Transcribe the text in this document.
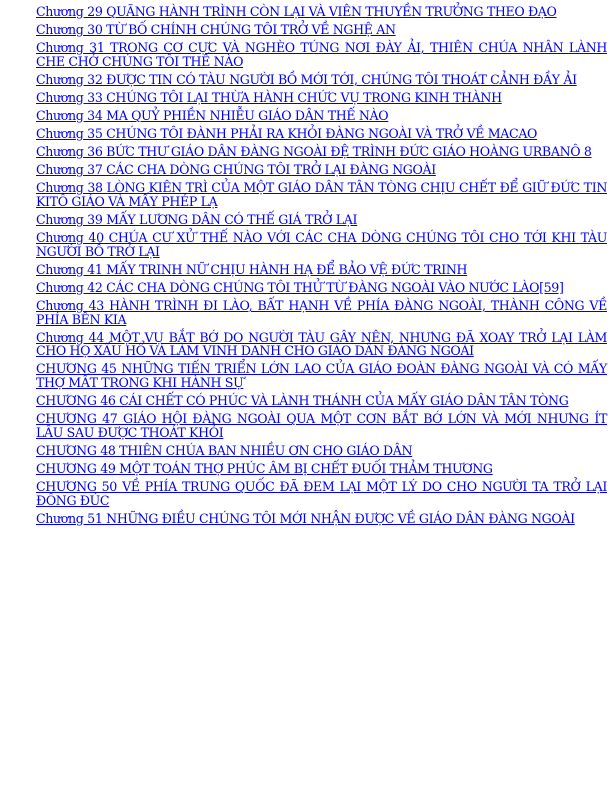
Chương 29 QUÃNG HÀNH TRÌNH CÒN LẠI VÀ VIÊN THUYỀN TRƯỞNG THEO ĐẠO
Chương 30 TỪ BỐ CHÍNH CHÚNG TÔI TRỞ VỀ NGHỆ AN
Chương 31 TRONG CƠ CỰC VÀ NGHÈO TÚNG NƠI ĐÀY ẢI, THIÊN CHÚA NHÂN LÀNH CHE CHỞ CHÚNG TÔI THẾ NÀO
Chương 32 ĐƯỢC TIN CÓ TÀU NGƯỜI BỒ MỚI TỚI, CHÚNG TÔI THOÁT CẢNH ĐẦY ẢI
Chương 33 CHÚNG TÔI LẠI THỪA HÀNH CHỨC VỤ TRONG KINH THÀNH
Chương 34 MA QUỶ PHIỀN NHIỄU GIÁO DÂN THẾ NÀO
Chương 35 CHÚNG TÔI ĐÀNH PHẢI RA KHỎI ĐÀNG NGOÀI VÀ TRỞ VỀ MACAO
Chương 36 BỨC THƯ GIÁO DÂN ĐÀNG NGOÀI ĐỆ TRÌNH ĐỨC GIÁO HOÀNG URBANÔ 8
Chương 37 CÁC CHA DÒNG CHÚNG TÔI TRỞ LẠI ĐÀNG NGOÀI
Chương 38 LÒNG KIÊN TRÌ CỦA MỘT GIÁO DÂN TÂN TÒNG CHỊU CHẾT ĐỂ GIỮ ĐỨC TIN KITÔ GIÁO VÀ MẤY PHÉP LẠ
Chương 39 MẤY LƯƠNG DÂN CÓ THẾ GIÁ TRỞ LẠI
Chương 40 CHÚA CƯ XỬ THẾ NÀO VỚI CÁC CHA DÒNG CHÚNG TÔI CHO TỚI KHI TÀU NGƯỜI BỒ TRỞ LẠI
Chương 41 MẤY TRINH NỮ CHỊU HÀNH HẠ ĐỂ BẢO VỆ ĐỨC TRINH
Chương 42 CÁC CHA DÒNG CHÚNG TÔI THỬ TỪ ĐÀNG NGOÀI VÀO NƯỚC LÀO[59]
Chương 43 HÀNH TRÌNH ĐI LÀO, BẤT HẠNH VỀ PHÍA ĐÀNG NGOÀI, THÀNH CÔNG VỀ PHÍA BÊN KIA
Chương 44 MỘT VỤ BẮT BỚ DO NGƯỜI TÀU GÂY NÊN, NHƯNG ĐÃ XOAY TRỞ LẠI LÀM CHO HỌ XẤU HỔ VÀ LÀM VINH DANH CHO GIÁO DÂN ĐÀNG NGOÀI
CHƯƠNG 45 NHỮNG TIẾN TRIỂN LỚN LAO CỦA GIÁO ĐOÀN ĐÀNG NGOÀI VÀ CÓ MẤY THỢ MẤT TRONG KHI HÀNH SỰ
CHƯƠNG 46 CÁI CHẾT CÓ PHÚC VÀ LÀNH THÁNH CỦA MẤY GIÁO DÂN TÂN TÒNG
CHƯƠNG 47 GIÁO HỘI ĐÀNG NGOÀI QUA MỘT CƠN BẮT BỚ LỚN VÀ MỚI NHƯNG ÍT LÂU SAU ĐƯỢC THOÁT KHỎI
CHƯƠNG 48 THIÊN CHÚA BAN NHIỀU ƠN CHO GIÁO DÂN
CHƯƠNG 49 MỘT TOÁN THỢ PHÚC ÂM BỊ CHẾT ĐUỐI THẢM THƯƠNG
CHƯƠNG 50 VỀ PHÍA TRUNG QUỐC ĐÃ ĐEM LẠI MỘT LÝ DO CHO NGƯỜI TA TRỞ LẠI ĐÔNG ĐÚC
Chương 51 NHỮNG ĐIỀU CHÚNG TÔI MỚI NHẬN ĐƯỢC VỀ GIÁO DÂN ĐÀNG NGOÀI
